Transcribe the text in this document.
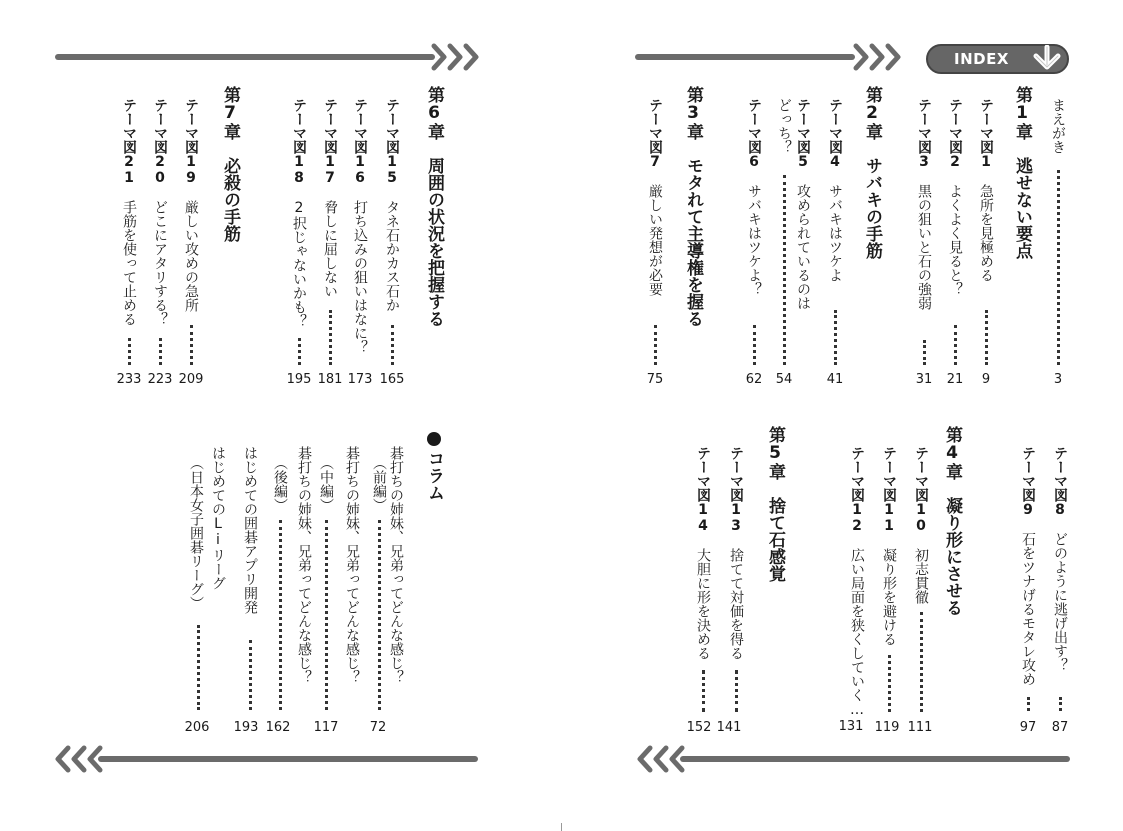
第6章　周囲の状況を把握する
テーマ図15　タネ石かカス石か
165
テーマ図16　打ち込みの狙いはなに？
173
テーマ図17　脅しに屈しない
181
テーマ図18　2択じゃないかも？
195
第7章　必殺の手筋
テーマ図19　厳しい攻めの急所
209
テーマ図20　どこにアタリする？
223
テーマ図21　手筋を使って止める
233
コラム
碁打ちの姉妹、兄弟ってどんな感じ？
（前編）
72
碁打ちの姉妹、兄弟ってどんな感じ？
（中編）
117
碁打ちの姉妹、兄弟ってどんな感じ？
（後編）
162
はじめての囲碁アプリ開発
193
はじめてのLiリーグ
（日本女子囲碁リーグ）
206
INDEX
まえがき
3
第1章　逃せない要点
テーマ図1　急所を見極める
9
テーマ図2　よくよく見ると？
21
テーマ図3　黒の狙いと石の強弱
31
第2章　サバキの手筋
テーマ図4　サバキはツケよ
41
テーマ図5　攻められているのは
どっち？
54
テーマ図6　サバキはツケよ？
62
第3章　モタれて主導権を握る
テーマ図7　厳しい発想が必要
75
テーマ図8　どのように逃げ出す？
87
テーマ図9　石をツナげるモタレ攻め
97
第4章　凝り形にさせる
テーマ図10　初志貫徹
111
テーマ図11　凝り形を避ける
119
テーマ図12　広い局面を狭くしていく…
131
第5章　捨て石感覚
テーマ図13　捨てて対価を得る
141
テーマ図14　大胆に形を決める
152
